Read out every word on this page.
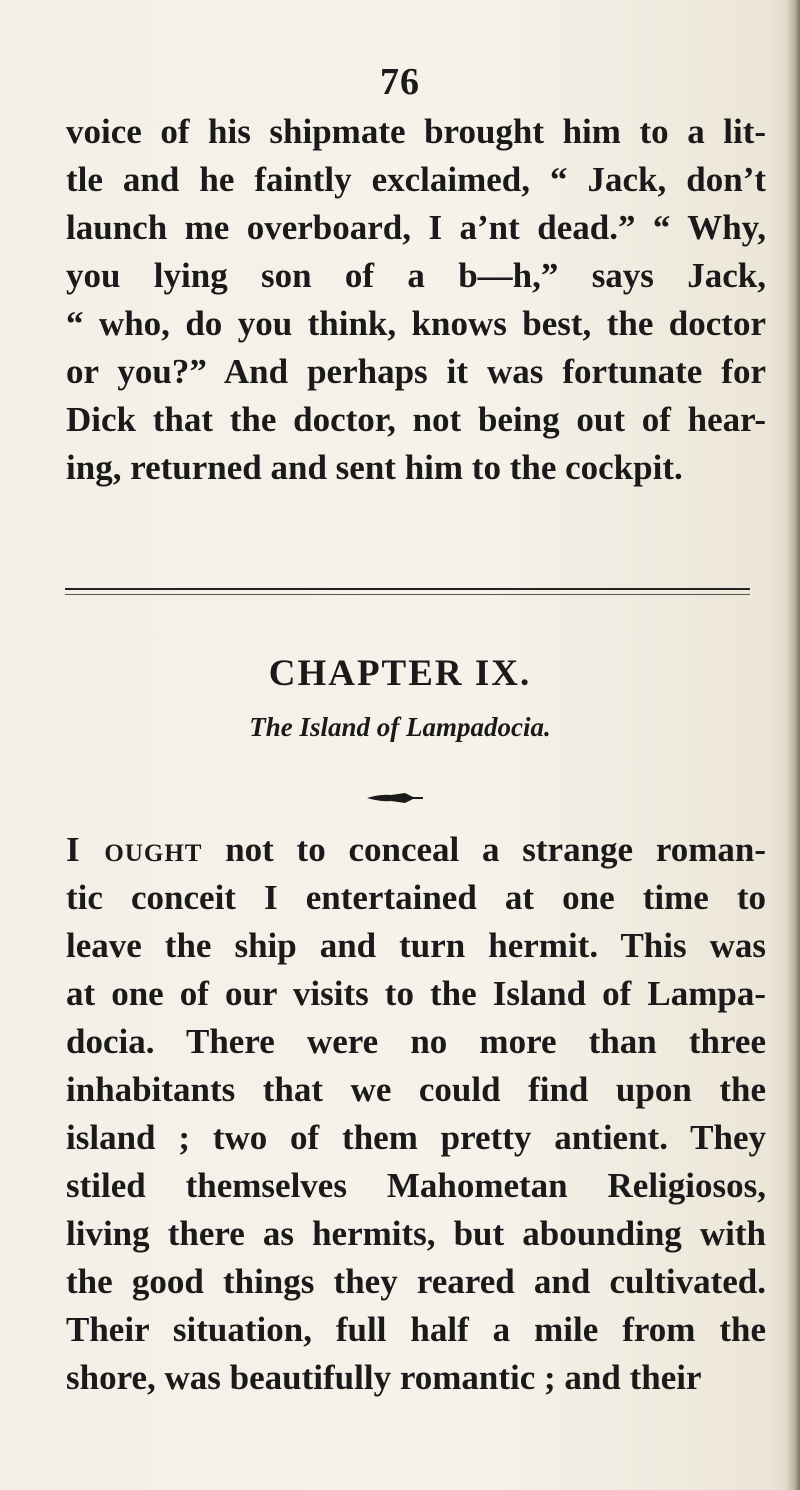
76
voice of his shipmate brought him to a lit-
tle and he faintly exclaimed, “ Jack, don’t
launch me overboard, I a’nt dead.” “ Why,
you lying son of a b—h,” says Jack,
“ who, do you think, knows best, the doctor
or you?” And perhaps it was fortunate for
Dick that the doctor, not being out of hear-
ing, returned and sent him to the cockpit.
CHAPTER IX.
The Island of Lampadocia.
I ought not to conceal a strange roman-
tic conceit I entertained at one time to
leave the ship and turn hermit. This was
at one of our visits to the Island of Lampa-
docia. There were no more than three
inhabitants that we could find upon the
island ; two of them pretty antient. They
stiled themselves Mahometan Religiosos,
living there as hermits, but abounding with
the good things they reared and cultivated.
Their situation, full half a mile from the
shore, was beautifully romantic ; and their
